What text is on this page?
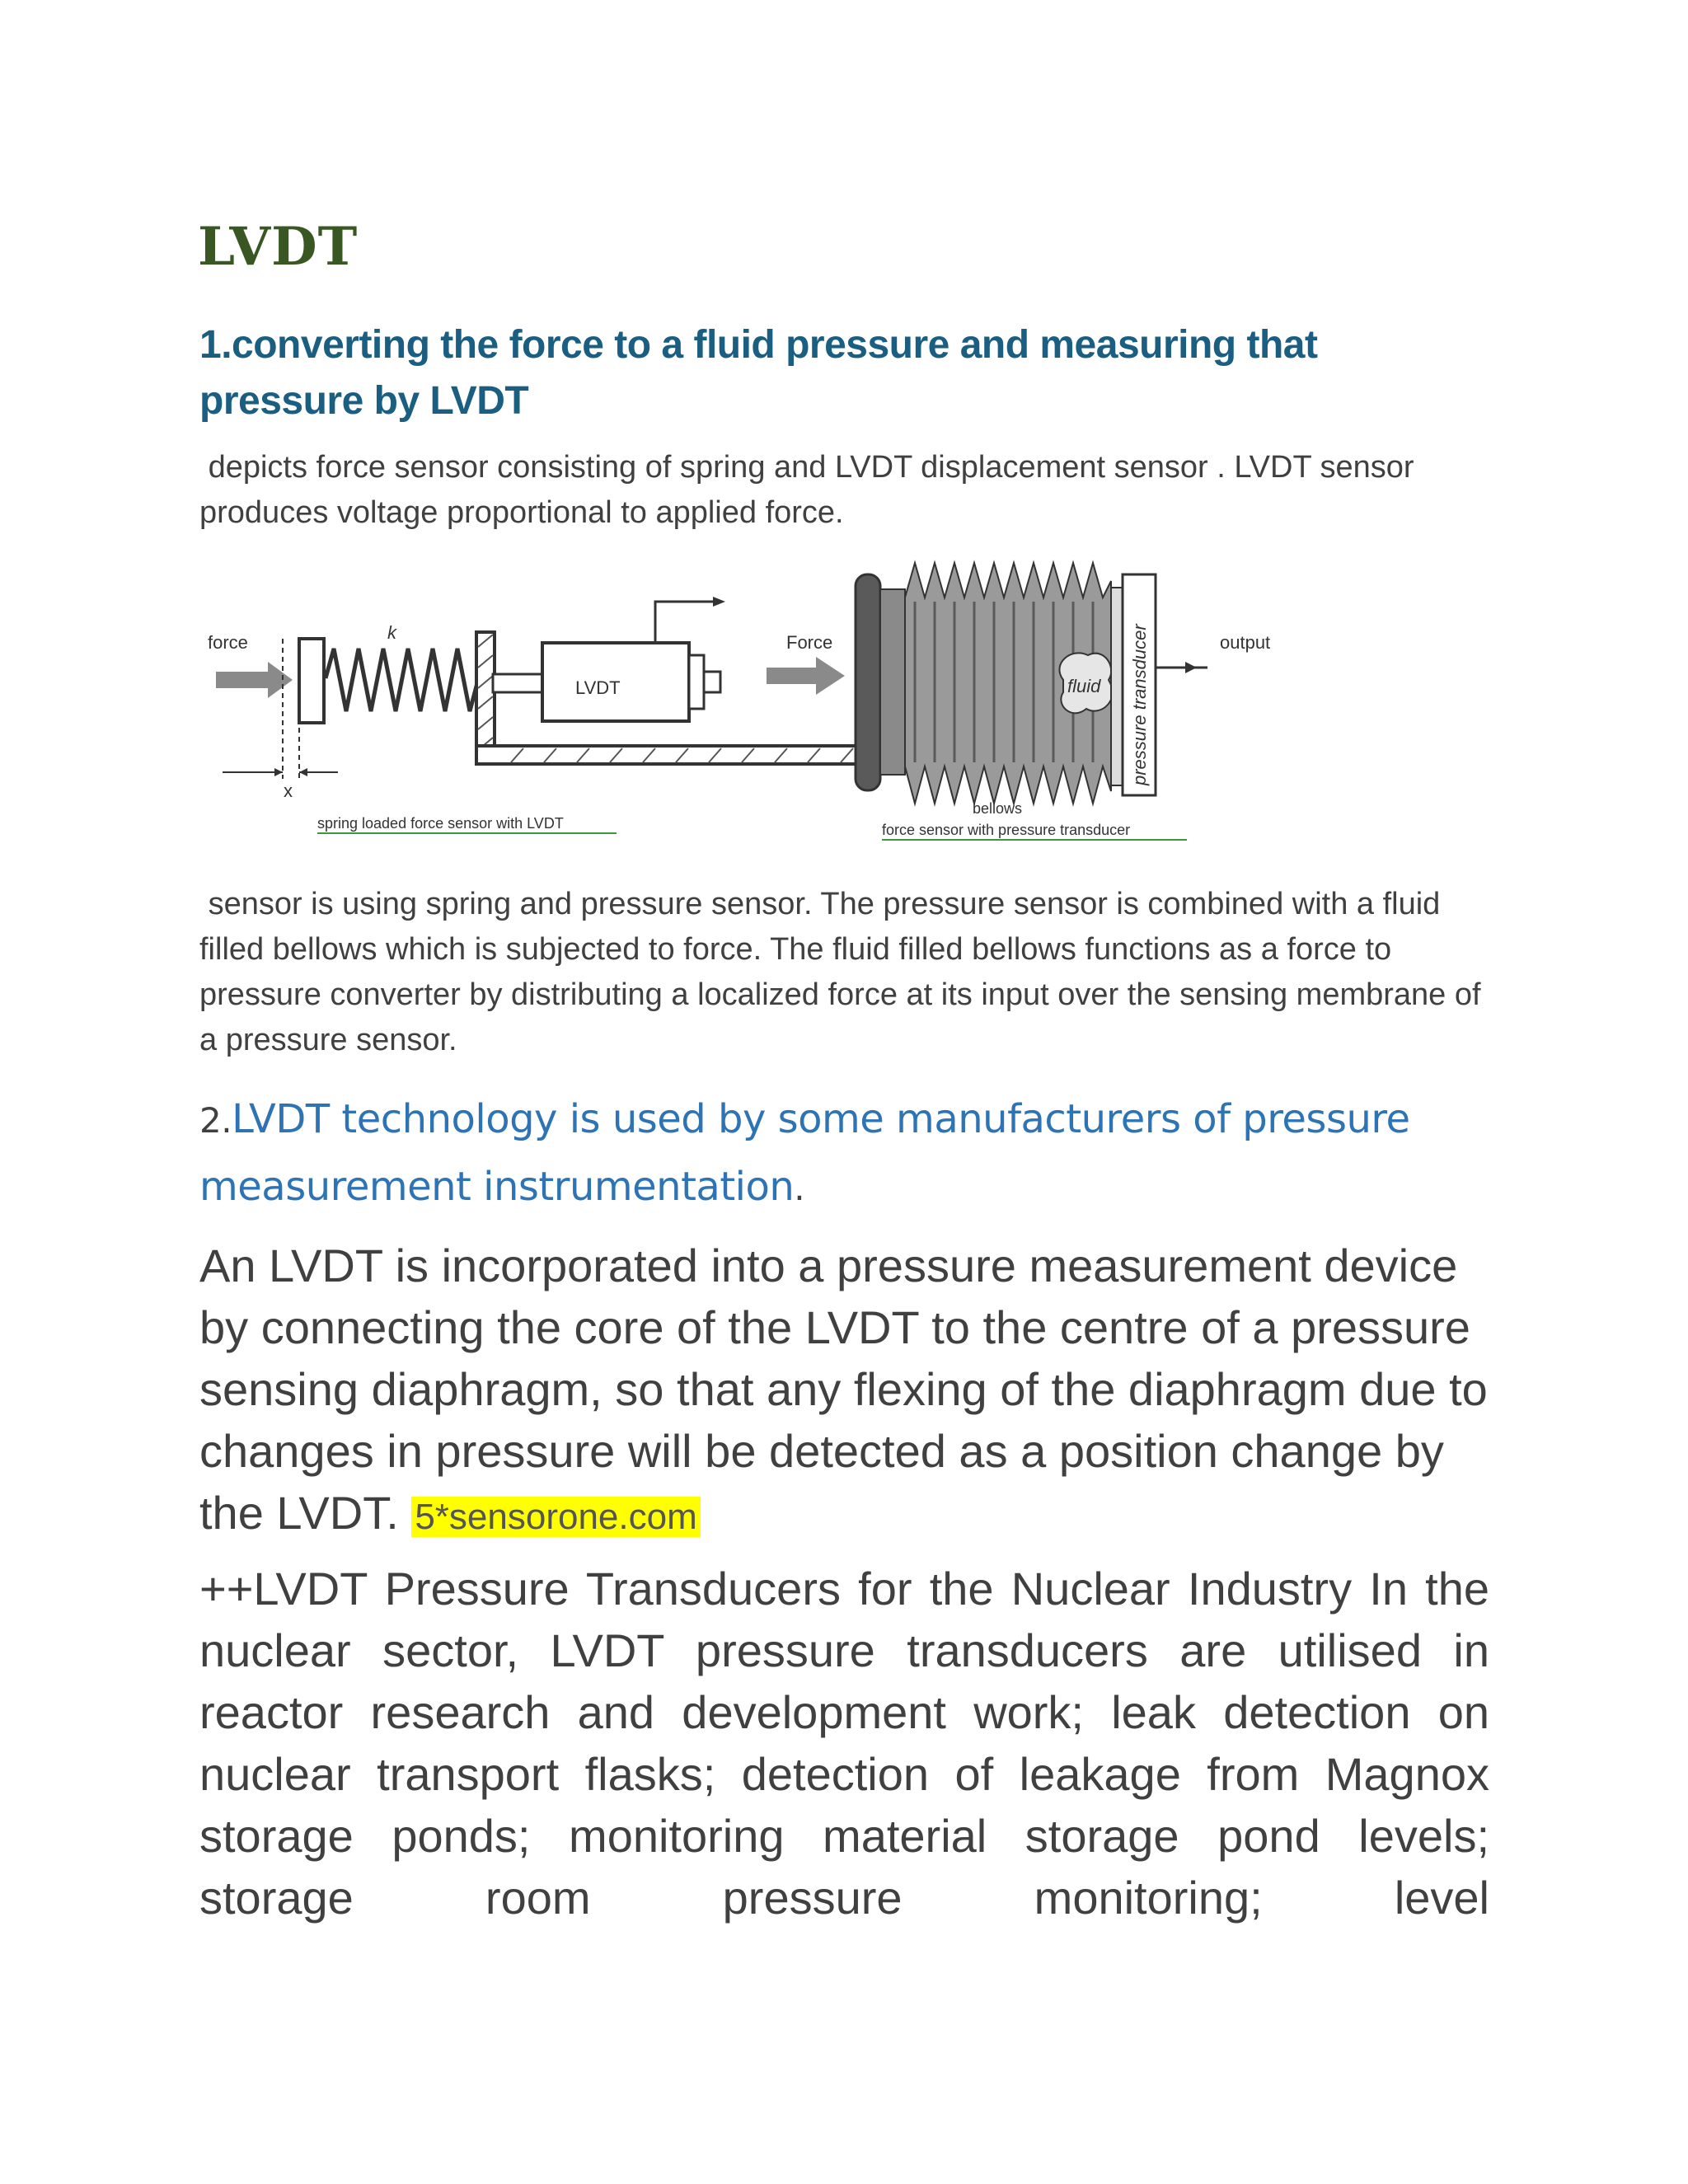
LVDT
1.converting the force to a fluid pressure and measuring that pressure by LVDT
depicts force sensor consisting of spring and LVDT displacement sensor . LVDT sensor produces voltage proportional to applied force.
force
x
k
LVDT
spring loaded force sensor with LVDT
Force
fluid pressure transducer	output
bellows
force sensor with pressure transducer
sensor is using spring and pressure sensor. The pressure sensor is combined with a fluid filled bellows which is subjected to force. The fluid filled bellows functions as a force to pressure converter by distributing a localized force at its input over the sensing membrane of a pressure sensor.
2.LVDT technology is used by some manufacturers of pressure measurement instrumentation.
An LVDT is incorporated into a pressure measurement device by connecting the core of the LVDT to the centre of a pressure sensing diaphragm, so that any flexing of the diaphragm due to changes in pressure will be detected as a position change by the LVDT. 5*sensorone.com
++LVDT Pressure Transducers for the Nuclear Industry In the nuclear sector, LVDT pressure transducers are utilised in reactor research and development work; leak detection on nuclear transport flasks; detection of leakage from Magnox storage ponds; monitoring material storage pond levels; storage room pressure monitoring; level
